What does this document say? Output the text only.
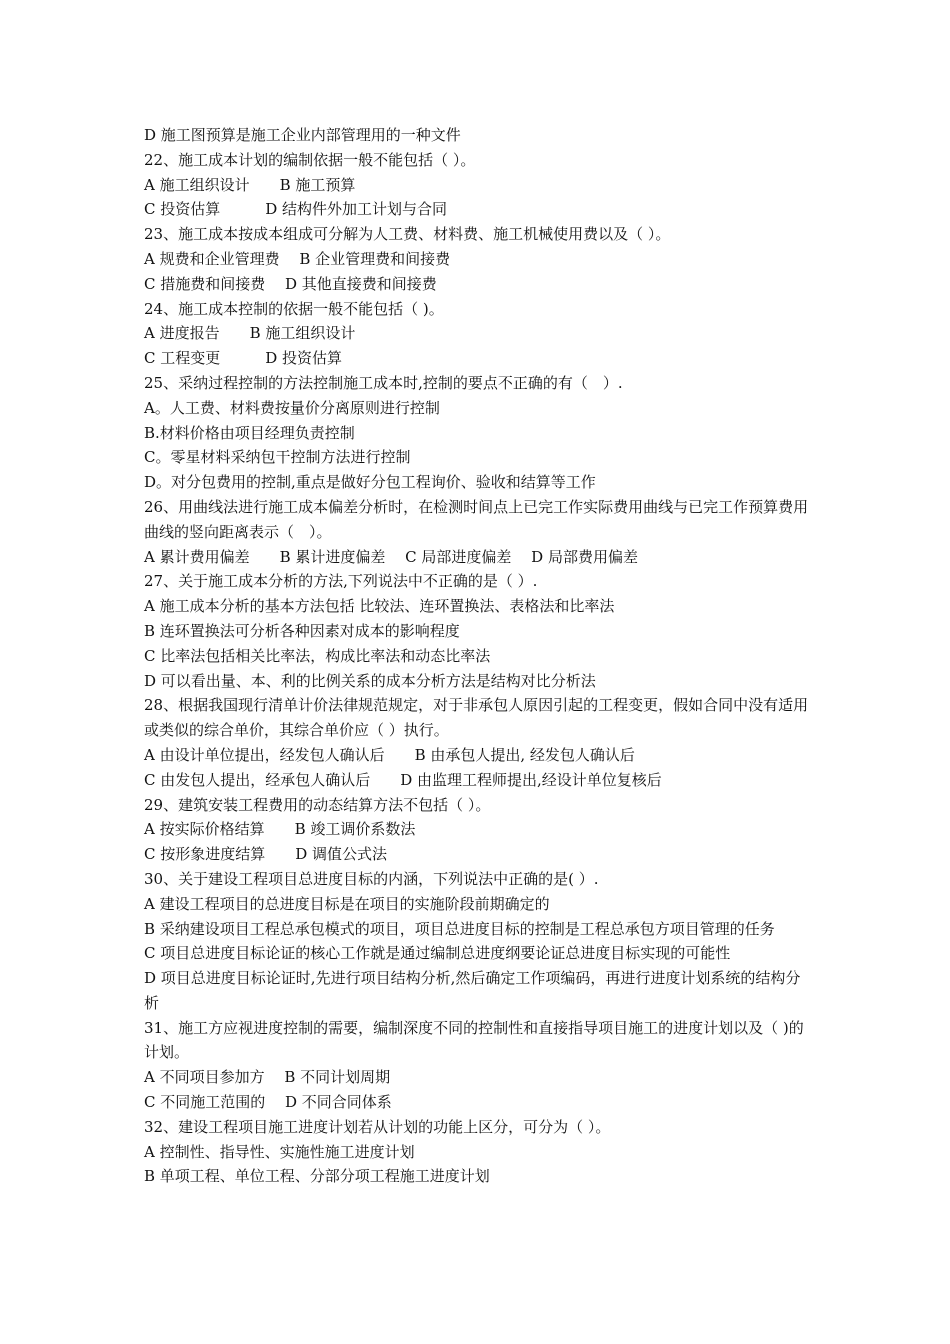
D 施工图预算是施工企业内部管理用的一种文件
22、施工成本计划的编制依据一般不能包括（ ）。
A 施工组织设计　　B 施工预算
C 投资估算　　　D 结构件外加工计划与合同
23、施工成本按成本组成可分解为人工费、材料费、施工机械使用费以及（ ）。
A 规费和企业管理费　 B 企业管理费和间接费
C 措施费和间接费　 D 其他直接费和间接费
24、施工成本控制的依据一般不能包括（ )。
A 进度报告　　B 施工组织设计
C 工程变更　　　D 投资估算
25、采纳过程控制的方法控制施工成本时,控制的要点不正确的有（　）.
A。人工费、材料费按量价分离原则进行控制
B.材料价格由项目经理负责控制
C。零星材料采纳包干控制方法进行控制
D。对分包费用的控制,重点是做好分包工程询价、验收和结算等工作
26、用曲线法进行施工成本偏差分析时，在检测时间点上已完工作实际费用曲线与已完工作预算费用曲线的竖向距离表示（　）。
A 累计费用偏差　　B 累计进度偏差　 C 局部进度偏差　 D 局部费用偏差
27、关于施工成本分析的方法,下列说法中不正确的是（ ）.
A 施工成本分析的基本方法包括 比较法、连环置换法、表格法和比率法
B 连环置换法可分析各种因素对成本的影响程度
C 比率法包括相关比率法，构成比率法和动态比率法
D 可以看出量、本、利的比例关系的成本分析方法是结构对比分析法
28、根据我国现行清单计价法律规范规定，对于非承包人原因引起的工程变更，假如合同中没有适用或类似的综合单价，其综合单价应（ ）执行。
A 由设计单位提出，经发包人确认后　　B 由承包人提出, 经发包人确认后
C 由发包人提出，经承包人确认后　　D 由监理工程师提出,经设计单位复核后
29、建筑安装工程费用的动态结算方法不包括（ ）。
A 按实际价格结算　　B 竣工调价系数法
C 按形象进度结算　　D 调值公式法
30、关于建设工程项目总进度目标的内涵，下列说法中正确的是( ）.
A 建设工程项目的总进度目标是在项目的实施阶段前期确定的
B 采纳建设项目工程总承包模式的项目，项目总进度目标的控制是工程总承包方项目管理的任务
C 项目总进度目标论证的核心工作就是通过编制总进度纲要论证总进度目标实现的可能性
D 项目总进度目标论证时,先进行项目结构分析,然后确定工作项编码，再进行进度计划系统的结构分析
31、施工方应视进度控制的需要，编制深度不同的控制性和直接指导项目施工的进度计划以及（ )的计划。
A 不同项目参加方　 B 不同计划周期
C 不同施工范围的　 D 不同合同体系
32、建设工程项目施工进度计划若从计划的功能上区分，可分为（ ）。
A 控制性、指导性、实施性施工进度计划
B 单项工程、单位工程、分部分项工程施工进度计划
